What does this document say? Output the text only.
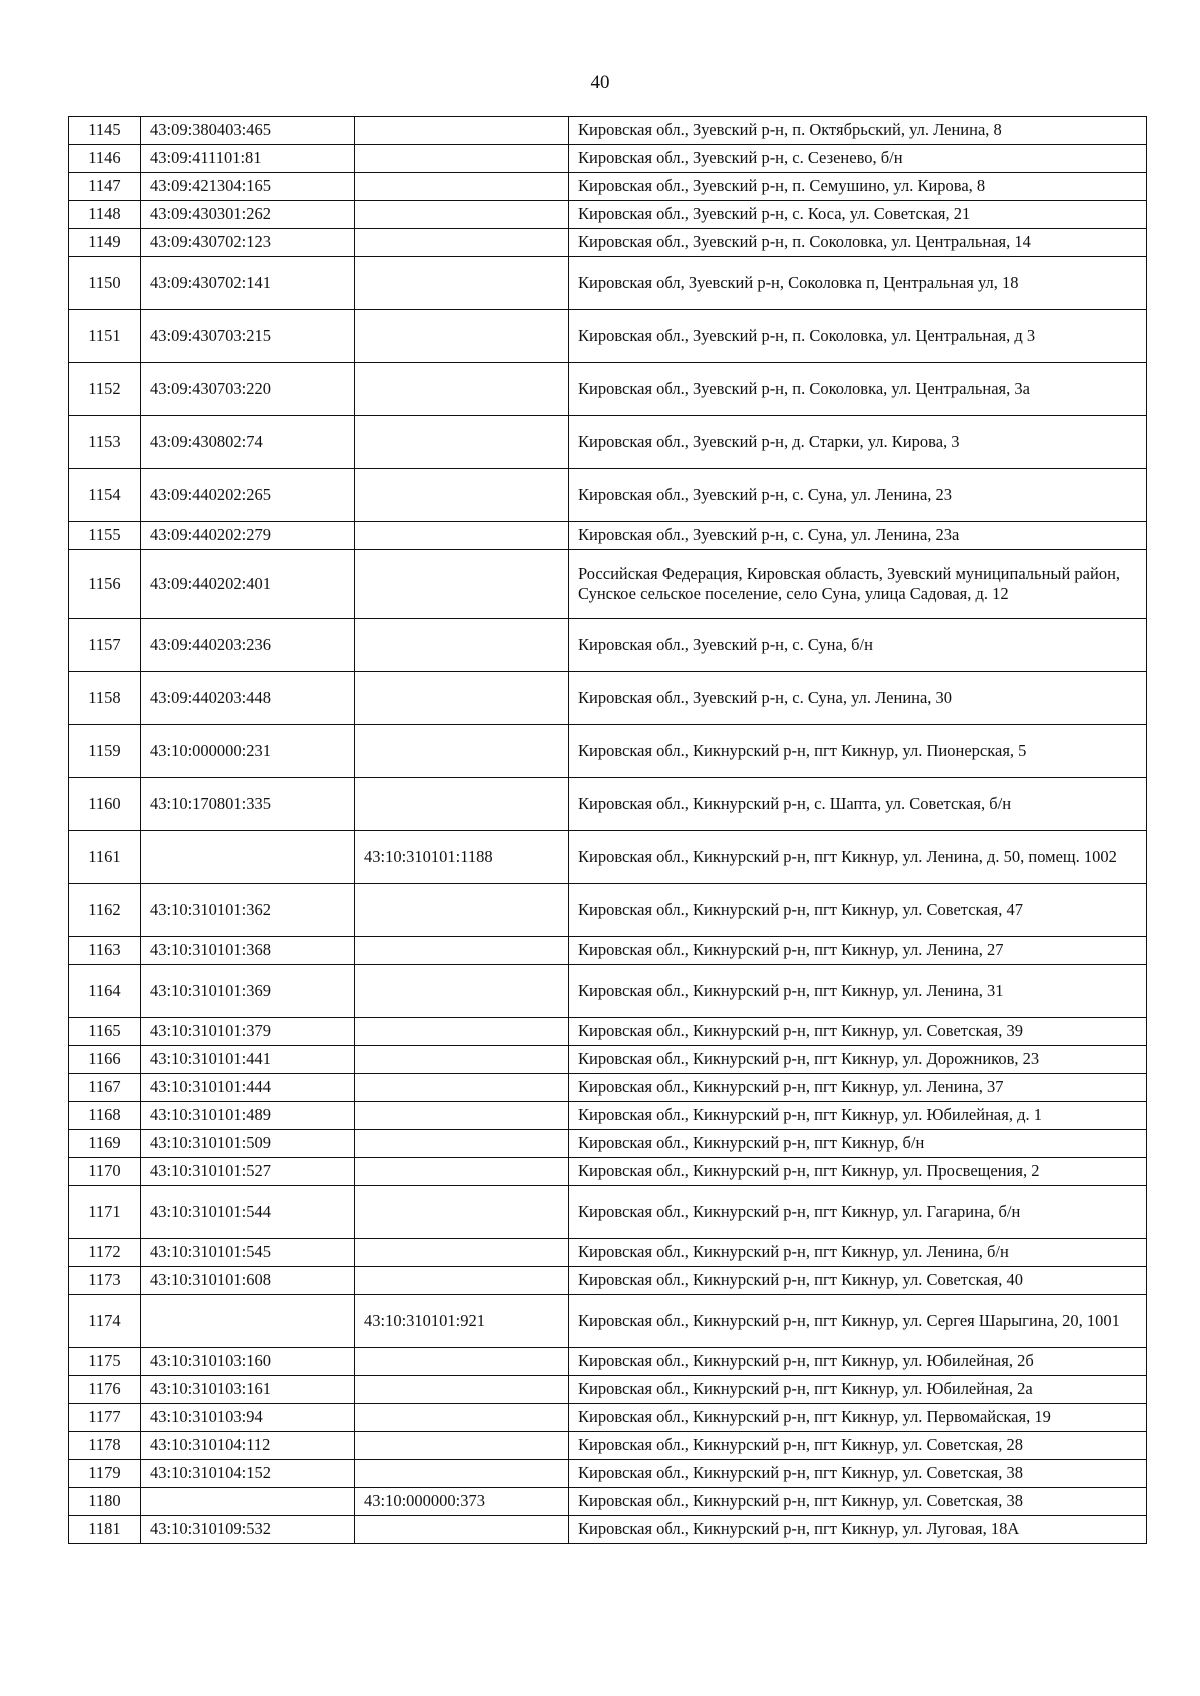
40
1145	43:09:380403:465		Кировская обл., Зуевский р-н, п. Октябрьский, ул. Ленина, 8
1146	43:09:411101:81		Кировская обл., Зуевский р-н, с. Сезенево, б/н
1147	43:09:421304:165		Кировская обл., Зуевский р-н, п. Семушино, ул. Кирова, 8
1148	43:09:430301:262		Кировская обл., Зуевский р-н, с. Коса, ул. Советская, 21
1149	43:09:430702:123		Кировская обл., Зуевский р-н, п. Соколовка, ул. Центральная, 14
1150	43:09:430702:141		Кировская обл, Зуевский р-н, Соколовка п, Центральная ул, 18
1151	43:09:430703:215		Кировская обл., Зуевский р-н, п. Соколовка, ул. Центральная, д 3
1152	43:09:430703:220		Кировская обл., Зуевский р-н, п. Соколовка, ул. Центральная, 3а
1153	43:09:430802:74		Кировская обл., Зуевский р-н, д. Старки, ул. Кирова, 3
1154	43:09:440202:265		Кировская обл., Зуевский р-н, с. Суна, ул. Ленина, 23
1155	43:09:440202:279		Кировская обл., Зуевский р-н, с. Суна, ул. Ленина, 23а
1156	43:09:440202:401		Российская Федерация, Кировская область, Зуевский муниципальный район, Сунское сельское поселение, село Суна, улица Садовая, д. 12
1157	43:09:440203:236		Кировская обл., Зуевский р-н, с. Суна, б/н
1158	43:09:440203:448		Кировская обл., Зуевский р-н, с. Суна, ул. Ленина, 30
1159	43:10:000000:231		Кировская обл., Кикнурский р-н, пгт Кикнур, ул. Пионерская, 5
1160	43:10:170801:335		Кировская обл., Кикнурский р-н, с. Шапта, ул. Советская, б/н
1161		43:10:310101:1188	Кировская обл., Кикнурский р-н, пгт Кикнур, ул. Ленина, д. 50, помещ. 1002
1162	43:10:310101:362		Кировская обл., Кикнурский р-н, пгт Кикнур, ул. Советская, 47
1163	43:10:310101:368		Кировская обл., Кикнурский р-н, пгт Кикнур, ул. Ленина, 27
1164	43:10:310101:369		Кировская обл., Кикнурский р-н, пгт Кикнур, ул. Ленина, 31
1165	43:10:310101:379		Кировская обл., Кикнурский р-н, пгт Кикнур, ул. Советская, 39
1166	43:10:310101:441		Кировская обл., Кикнурский р-н, пгт Кикнур, ул. Дорожников, 23
1167	43:10:310101:444		Кировская обл., Кикнурский р-н, пгт Кикнур, ул. Ленина, 37
1168	43:10:310101:489		Кировская обл., Кикнурский р-н, пгт Кикнур, ул. Юбилейная, д. 1
1169	43:10:310101:509		Кировская обл., Кикнурский р-н, пгт Кикнур, б/н
1170	43:10:310101:527		Кировская обл., Кикнурский р-н, пгт Кикнур, ул. Просвещения, 2
1171	43:10:310101:544		Кировская обл., Кикнурский р-н, пгт Кикнур, ул. Гагарина, б/н
1172	43:10:310101:545		Кировская обл., Кикнурский р-н, пгт Кикнур, ул. Ленина, б/н
1173	43:10:310101:608		Кировская обл., Кикнурский р-н, пгт Кикнур, ул. Советская, 40
1174		43:10:310101:921	Кировская обл., Кикнурский р-н, пгт Кикнур, ул. Сергея Шарыгина, 20, 1001
1175	43:10:310103:160		Кировская обл., Кикнурский р-н, пгт Кикнур, ул. Юбилейная, 2б
1176	43:10:310103:161		Кировская обл., Кикнурский р-н, пгт Кикнур, ул. Юбилейная, 2а
1177	43:10:310103:94		Кировская обл., Кикнурский р-н, пгт Кикнур, ул. Первомайская, 19
1178	43:10:310104:112		Кировская обл., Кикнурский р-н, пгт Кикнур, ул. Советская, 28
1179	43:10:310104:152		Кировская обл., Кикнурский р-н, пгт Кикнур, ул. Советская, 38
1180		43:10:000000:373	Кировская обл., Кикнурский р-н, пгт Кикнур, ул. Советская, 38
1181	43:10:310109:532		Кировская обл., Кикнурский р-н, пгт Кикнур, ул. Луговая, 18А
